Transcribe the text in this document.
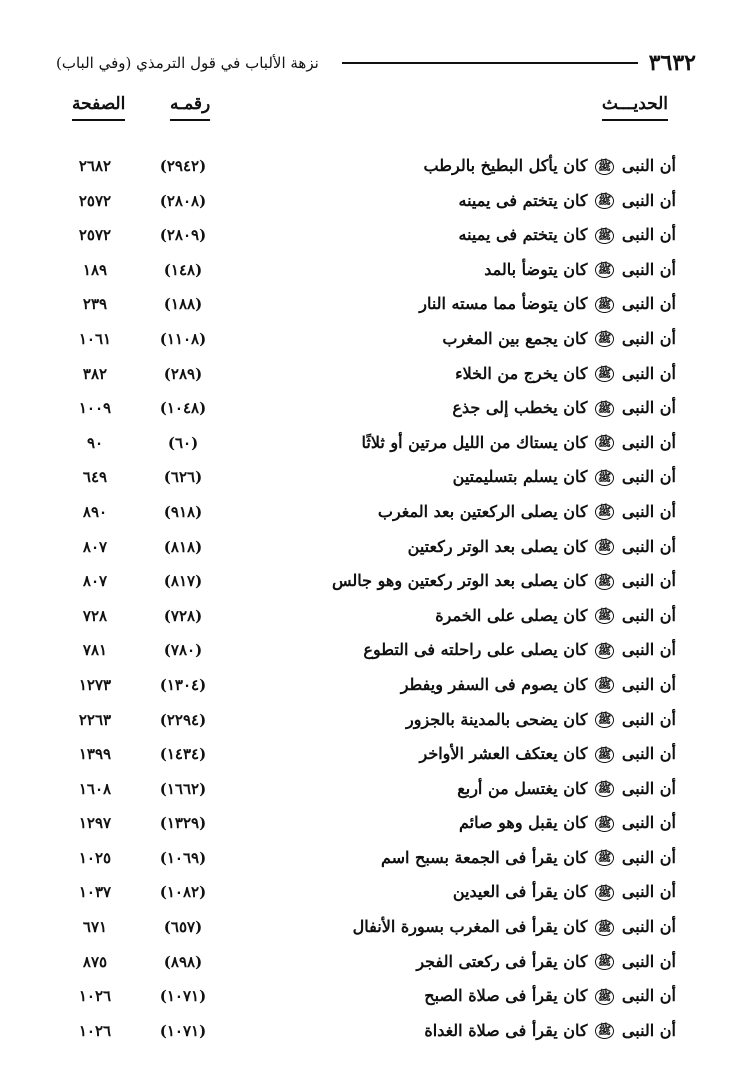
٣٦٣٢
نزهة الألباب في قول الترمذي (وفي الباب)
الحديـــث
رقمـه
الصفحة
أن النبى ﷺ كان يأكل البطيخ بالرطب
(٢٩٤٢)
٢٦٨٢
أن النبى ﷺ كان يتختم فى يمينه
(٢٨٠٨)
٢٥٧٢
أن النبى ﷺ كان يتختم فى يمينه
(٢٨٠٩)
٢٥٧٢
أن النبى ﷺ كان يتوضأ بالمد
(١٤٨)
١٨٩
أن النبى ﷺ كان يتوضأ مما مسته النار
(١٨٨)
٢٣٩
أن النبى ﷺ كان يجمع بين المغرب
(١١٠٨)
١٠٦١
أن النبى ﷺ كان يخرج من الخلاء
(٢٨٩)
٣٨٢
أن النبى ﷺ كان يخطب إلى جذع
(١٠٤٨)
١٠٠٩
أن النبى ﷺ كان يستاك من الليل مرتين أو ثلاثًا
(٦٠)
٩٠
أن النبى ﷺ كان يسلم بتسليمتين
(٦٢٦)
٦٤٩
أن النبى ﷺ كان يصلى الركعتين بعد المغرب
(٩١٨)
٨٩٠
أن النبى ﷺ كان يصلى بعد الوتر ركعتين
(٨١٨)
٨٠٧
أن النبى ﷺ كان يصلى بعد الوتر ركعتين وهو جالس
(٨١٧)
٨٠٧
أن النبى ﷺ كان يصلى على الخمرة
(٧٢٨)
٧٢٨
أن النبى ﷺ كان يصلى على راحلته فى التطوع
(٧٨٠)
٧٨١
أن النبى ﷺ كان يصوم فى السفر ويفطر
(١٣٠٤)
١٢٧٣
أن النبى ﷺ كان يضحى بالمدينة بالجزور
(٢٢٩٤)
٢٢٦٣
أن النبى ﷺ كان يعتكف العشر الأواخر
(١٤٣٤)
١٣٩٩
أن النبى ﷺ كان يغتسل من أربع
(١٦٦٢)
١٦٠٨
أن النبى ﷺ كان يقبل وهو صائم
(١٣٢٩)
١٢٩٧
أن النبى ﷺ كان يقرأ فى الجمعة بسبح اسم
(١٠٦٩)
١٠٢٥
أن النبى ﷺ كان يقرأ فى العيدين
(١٠٨٢)
١٠٣٧
أن النبى ﷺ كان يقرأ فى المغرب بسورة الأنفال
(٦٥٧)
٦٧١
أن النبى ﷺ كان يقرأ فى ركعتى الفجر
(٨٩٨)
٨٧٥
أن النبى ﷺ كان يقرأ فى صلاة الصبح
(١٠٧١)
١٠٢٦
أن النبى ﷺ كان يقرأ فى صلاة الغداة
(١٠٧١)
١٠٢٦
